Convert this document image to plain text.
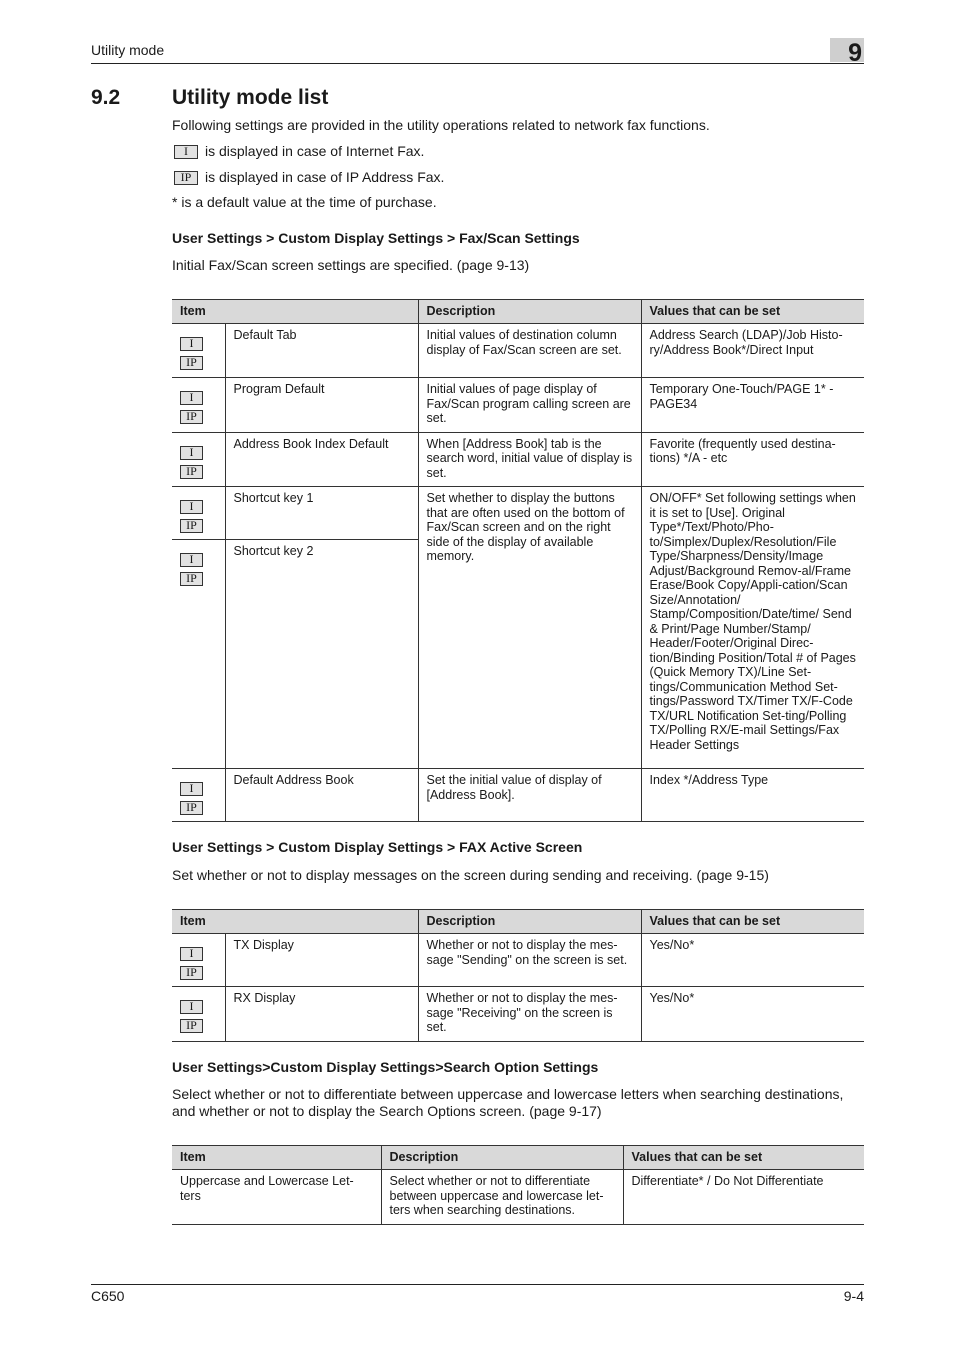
Utility mode	9
9.2 Utility mode list
Following settings are provided in the utility operations related to network fax functions.
I	is displayed in case of Internet Fax.
IP is displayed in case of IP Address Fax.
* is a default value at the time of purchase.
User Settings > Custom Display Settings > Fax/Scan Settings
Initial Fax/Scan screen settings are specified. (page 9-13)
Item		Description	Values that can be set

I
IP	Default Tab	Initial values of destination column display of Fax/Scan screen are set.	Address Search (LDAP)/Job Histo-ry/Address Book*/Direct Input

I
IP	Program Default	Initial values of page display of Fax/Scan program calling screen are set.	Temporary One-Touch/PAGE 1* - PAGE34

I
IP	Address Book Index Default	When [Address Book] tab is the search word, initial value of display is set.	Favorite (frequently used destina-tions) */A - etc

I
IP	Shortcut key 1	Set whether to display the buttons that are often used on the bottom of Fax/Scan screen and on the right side of the display of available memory.	ON/OFF* Set following settings when it is set to [Use]. Original Type*/Text/Photo/Pho-to/Simplex/Duplex/Resolution/File Type/Sharpness/Density/Image Adjust/Background Remov-al/Frame Erase/Book Copy/Appli-cation/Scan Size/Annotation/ Stamp/Composition/Date/time/ Send & Print/Page Number/Stamp/ Header/Footer/Original Direc-tion/Binding Position/Total # of Pages (Quick Memory TX)/Line Set-tings/Communication Method Set-tings/Password TX/Timer TX/F-Code TX/URL Notification Set-ting/Polling TX/Polling RX/E-mail Settings/Fax Header Settings

I
IP	Shortcut key 2		

I
IP	Default Address Book	Set the initial value of display of [Address Book].	Index */Address Type
User Settings > Custom Display Settings > FAX Active Screen
Set whether or not to display messages on the screen during sending and receiving. (page 9-15)
Item		Description	Values that can be set

I
IP	TX Display	Whether or not to display the mes-sage "Sending" on the screen is set.	Yes/No*

I
IP	RX Display	Whether or not to display the mes-sage "Receiving" on the screen is set.	Yes/No*
User Settings>Custom Display Settings>Search Option Settings
Select whether or not to differentiate between uppercase and lowercase letters when searching destinations, and whether or not to display the Search Options screen. (page 9-17)
Item	Description	Values that can be set
Uppercase and Lowercase Let-ters	Select whether or not to differentiate between uppercase and lowercase let-ters when searching destinations.	Differentiate* / Do Not Differentiate
C650	9-4
